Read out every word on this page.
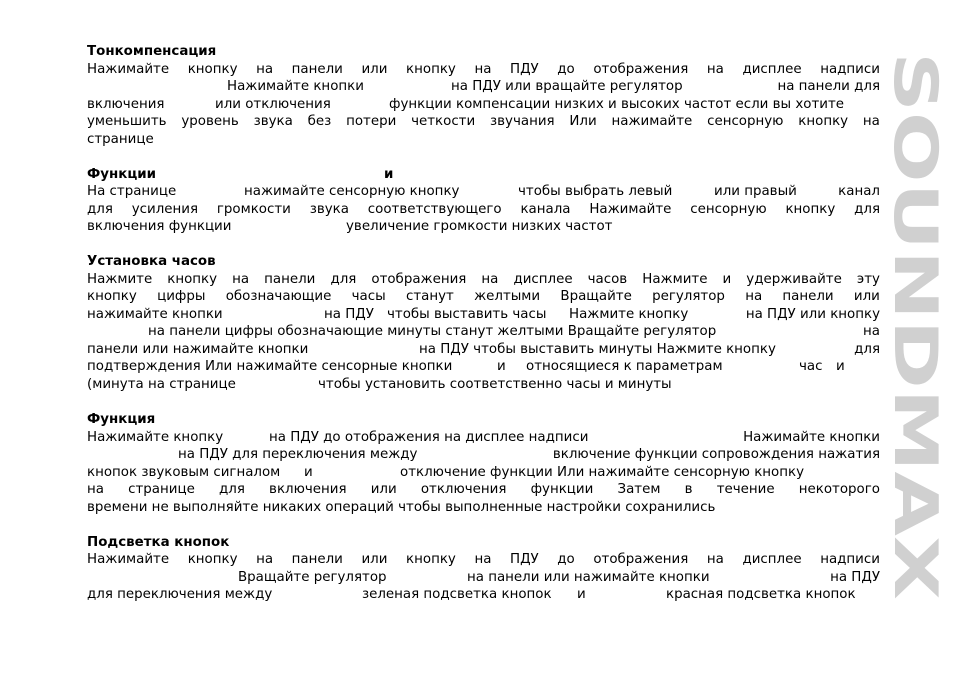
Тонкомпенсация
Нажимайте кнопку на панели или кнопку на ПДУ до отображения на дисплее надписи
Нажимайте кнопки	на ПДУ или вращайте регулятор	на панели для
включения	или отключения	функции компенсации низких и высоких частот если вы хотите
уменьшить уровень звука без потери четкости звучания Или нажимайте сенсорную кнопку на
странице
Функции	и
На странице	нажимайте сенсорную кнопку	чтобы выбрать левый	или правый	канал
для усиления громкости звука соответствующего канала Нажимайте сенсорную кнопку для
включения функции	увеличение громкости низких частот
Установка часов
Нажмите кнопку на панели для отображения на дисплее часов Нажмите и удерживайте эту
кнопку цифры обозначающие часы станут желтыми Вращайте регулятор на панели или
нажимайте кнопки	на ПДУ чтобы выставить часы Нажмите кнопку	на ПДУ или кнопку
на панели цифры обозначающие минуты станут желтыми Вращайте регулятор	на
панели или нажимайте кнопки	на ПДУ чтобы выставить минуты Нажмите кнопку	для
подтверждения Или нажимайте сенсорные кнопки	и относящиеся к параметрам	час и
(минута на странице	чтобы установить соответственно часы и минуты
Функция
Нажимайте кнопку	на ПДУ до отображения на дисплее надписи	Нажимайте кнопки
на ПДУ для переключения между	включение функции сопровождения нажатия
кнопок звуковым сигналом и	отключение функции Или нажимайте сенсорную кнопку
на странице для включения или отключения функции Затем в течение некоторого
времени не выполняйте никаких операций чтобы выполненные настройки сохранились
Подсветка кнопок
Нажимайте кнопку на панели или кнопку на ПДУ до отображения на дисплее надписи
Вращайте регулятор	на панели или нажимайте кнопки	на ПДУ
для переключения между	зеленая подсветка кнопок и	красная подсветка кнопок
SOUNDMAX
